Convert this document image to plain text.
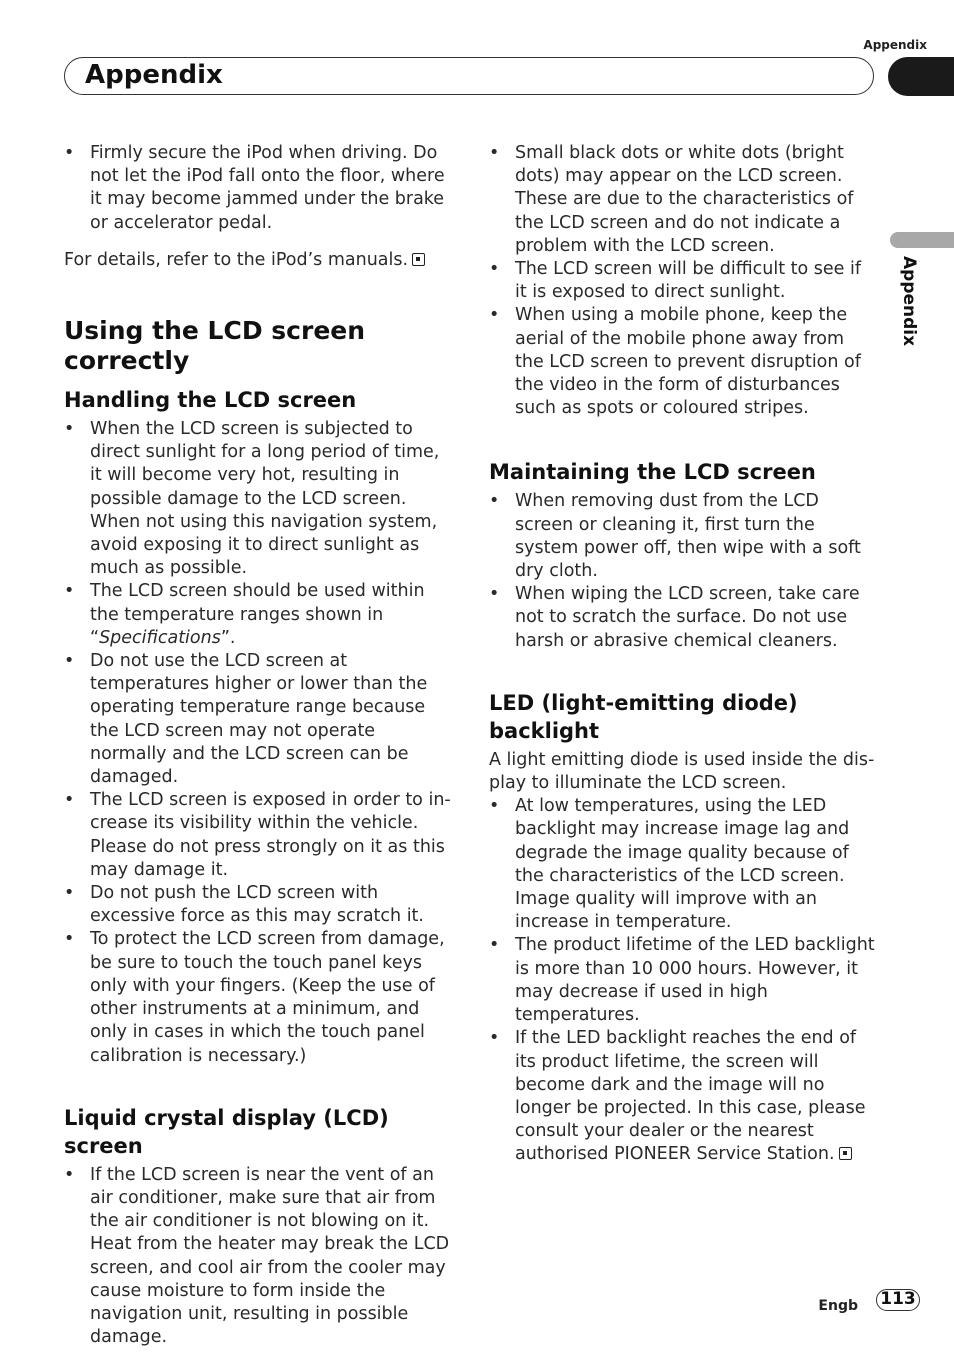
Appendix
Appendix
Appendix
• Firmly secure the iPod when driving. Do not let the iPod fall onto the floor, where it may become jammed under the brake or accelerator pedal.

For details, refer to the iPod’s manuals.

Using the LCD screen correctly
Handling the LCD screen
• When the LCD screen is subjected to direct sunlight for a long period of time, it will become very hot, resulting in possible damage to the LCD screen. When not using this navigation system, avoid exposing it to direct sunlight as much as possible.
• The LCD screen should be used within the temperature ranges shown in “Specifications”.
• Do not use the LCD screen at temperatures higher or lower than the operating temperature range because the LCD screen may not operate normally and the LCD screen can be damaged.
• The LCD screen is exposed in order to increase its visibility within the vehicle. Please do not press strongly on it as this may damage it.
• Do not push the LCD screen with excessive force as this may scratch it.
• To protect the LCD screen from damage, be sure to touch the touch panel keys only with your fingers. (Keep the use of other instruments at a minimum, and only in cases in which the touch panel calibration is necessary.)
Liquid crystal display (LCD) screen
• If the LCD screen is near the vent of an air conditioner, make sure that air from the air conditioner is not blowing on it. Heat from the heater may break the LCD screen, and cool air from the cooler may cause moisture to form inside the navigation unit, resulting in possible damage.
• Small black dots or white dots (bright dots) may appear on the LCD screen. These are due to the characteristics of the LCD screen and do not indicate a problem with the LCD screen.
• The LCD screen will be difficult to see if it is exposed to direct sunlight.
• When using a mobile phone, keep the aerial of the mobile phone away from the LCD screen to prevent disruption of the video in the form of disturbances such as spots or coloured stripes.
Maintaining the LCD screen
• When removing dust from the LCD screen or cleaning it, first turn the system power off, then wipe with a soft dry cloth.
• When wiping the LCD screen, take care not to scratch the surface. Do not use harsh or abrasive chemical cleaners.
LED (light-emitting diode) backlight

A light emitting diode is used inside the display to illuminate the LCD screen.

• At low temperatures, using the LED backlight may increase image lag and degrade the image quality because of the characteristics of the LCD screen. Image quality will improve with an increase in temperature.
• The product lifetime of the LED backlight is more than 10 000 hours. However, it may decrease if used in high temperatures.
• If the LED backlight reaches the end of its product lifetime, the screen will become dark and the image will no longer be projected. In this case, please consult your dealer or the nearest authorised PIONEER Service Station.
Engb 113
